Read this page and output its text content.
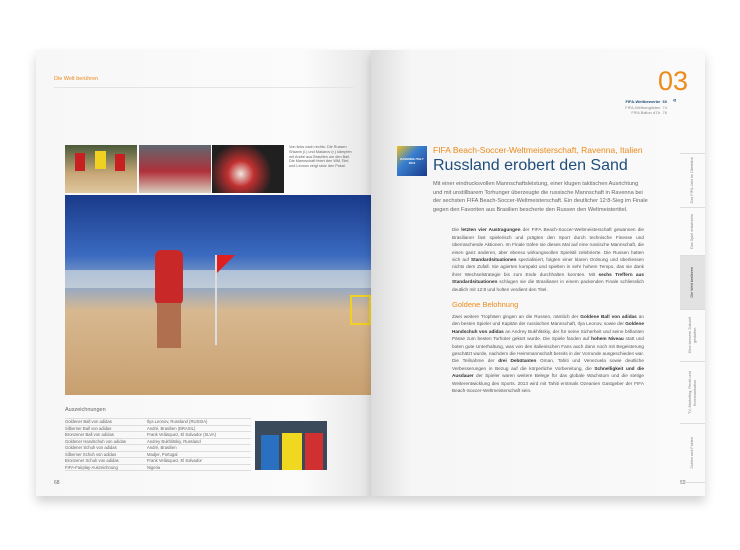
Die Welt berühren
Von links nach rechts: Die Russen Shkarin (l.) und Makarov (r.) kämpfen mit André aus Brasilien um den Ball. Die Mannschaft feiert den WM-Titel, und Leonov zeigt stolz den Pokal.
Auszeichnungen
Goldener Ball von adidas	Ilya Leonov, Russland (RUSSIA)
Silberner Ball von adidas	André, Brasilien (BRASIL)
Bronzener Ball von adidas	Frank Velásquez, El Salvador (SLVA)
Goldener Handschuh von adidas	Andrey Bukhlitskiy, Russland
Goldener Schuh von adidas	André, Brasilien
Silberner Schuh von adidas	Madjer, Portugal
Bronzener Schuh von adidas	Frank Velásquez, El Salvador
FIFA-Fairplay-Auszeichnung	Nigeria
68
03
FIFA-Wettbewerbe 60
FIFA-Weltranglisten 74
FIFA Ballon d'Or 76
«
RAVENNA ITALY 2011
FIFA Beach-Soccer-Weltmeisterschaft, Ravenna, Italien
Russland erobert den Sand
Mit einer eindrucksvollen Mannschaftsleistung, einer klugen taktischen Ausrichtung und mit unstillbarem Torhunger überzeugte die russische Mannschaft in Ravenna bei der sechsten FIFA Beach-Soccer-Weltmeisterschaft. Ein deutlicher 12:8-Sieg im Finale gegen den Favoriten aus Brasilien bescherte den Russen den Weltmeistertitel.
Die letzten vier Austragungen der FIFA Beach-Soccer-Weltmeisterschaft gewannen die Brasilianer fast spielerisch und prägten den Sport durch technische Finesse und überraschende Aktionen. Im Finale trafen sie dieses Mal auf eine russische Mannschaft, die einen ganz anderen, aber ebenso wirkungsvollen Spielstil zelebrierte. Die Russen hatten sich auf Standardsituationen spezialisiert, folgten einer klaren Ordnung und überliessen nichts dem Zufall. Sie agierten kompakt und spielten in sehr hohem Tempo, das sie dank ihrer Wechselstrategie bis zum Ende durchhalten konnten. Mit sechs Treffern aus Standardsituationen schlugen sie die Brasilianer in einem packenden Finale schliesslich deutlich mit 12:8 und holten verdient den Titel.
Goldene Belohnung
Zwei weitere Trophäen gingen an die Russen, nämlich der Goldene Ball von adidas an den besten Spieler und Kapitän der russischen Mannschaft, Ilya Leonov, sowie der Goldene Handschuh von adidas an Andrey Bukhlitskiy, der für seine Sicherheit und seine brillanten Pässe zum besten Torhüter gekürt wurde. Die Spiele fanden auf hohem Niveau statt und boten gute Unterhaltung, was von den italienischen Fans auch dann noch mit Begeisterung geschätzt wurde, nachdem die Heimmannschaft bereits in der Vorrunde ausgeschieden war. Die Teilnahme der drei Debütanten Oman, Tahiti und Venezuela sowie deutliche Verbesserungen in Bezug auf die körperliche Vorbereitung, die Schnelligkeit und die Ausdauer der Spieler waren weitere Belege für das globale Wachstum und die stetige Weiterentwicklung des Sports. 2013 wird mit Tahiti erstmals Ozeanien Gastgeber der FIFA Beach-Soccer-Weltmeisterschaft sein.
69
Das FIFA-Jahr im Überblick
Das Spiel entwickeln
Die Welt berühren
Eine bessere Zukunft gestalten
TV, Marketing, Recht und Kommunikation
Zahlen und Fakten
